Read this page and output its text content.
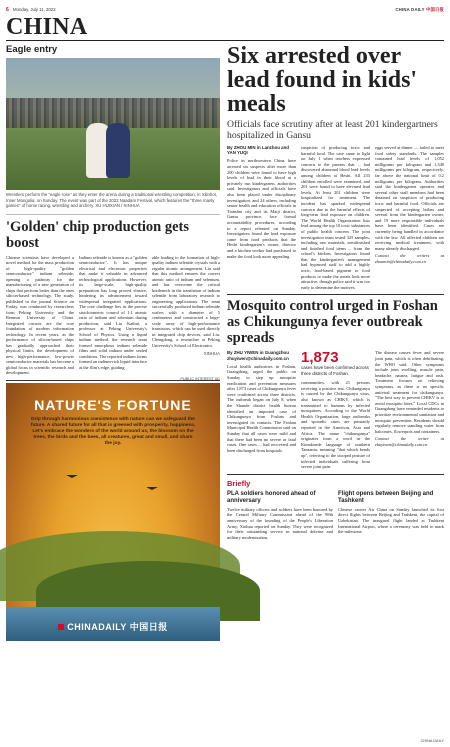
6 Monday, July 11, 2022	CHINA DAILY 中国日报
CHINA
Eagle entry
Wrestlers perform the "eagle rose" as they enter the arena during a traditional wrestling competition, in Xilinhot, Inner Mongolia, on Sunday. The event was part of the 2022 Naadam Festival, which features the "three manly games" of horse racing, wrestling and archery. XU HUIXIAN / XINHUA
'Golden' chip production gets boost
Chinese scientists have developed a novel method for the mass production of high-quality "golden semiconductor" indium selenide, opening a pathway for the manufacturing of a new generation of chips that perform better than the ones silicon-based technology. The study, published in the journal Science on Friday, was conducted by researchers from Peking University and the Renmin University of China. Integrated circuits are the core foundation of modern information technology. In recent years, as the performance of silicon-based chips has gradually approached their physical limits, the development of new high-performance, low-power semiconductor materials has become a global focus in scientific research and development.
Indium selenide is known as a "golden semiconductor". It has unique electrical and electronic properties that make it valuable in advanced technological applications. However, its large-scale, high-quality preparation has long proved elusive, hindering its advancement toward widespread integrated applications. The core challenge lies in the precise stoichiometric control of 1:1 atomic ratio of indium and selenium during production, said Liu Kaihui, a professor at Peking University's School of Physics. Using a liquid indium method, the research team formed amorphous indium selenide films and solid indium under sealed conditions. The reported indium forms formed an indium-rich liquid interface at the film's edge, guiding
able leading to the formation of high-quality indium selenide crystals with a regular atomic arrangement. Liu said that this method ensures the correct atomic ratio of indium and selenium, and has overcome the critical bottleneck in the translation of indium selenide from laboratory research to engineering applications. The team successfully produced indium selenide wafers with a diameter of 5 centimeters and constructed a large-scale array of high-performance transistors, which can be used directly in integrated chip devices, said Liu. Chengdong, a researcher at Peking University's School of Electronics.
XINHUA
PUBLIC INTEREST AD
NATURE'S FORTUNE
Drip through harmonious coexistence with nature can we safeguard the future. A shared future for all that is greened with prosperity, happiness, Let's embrace the wonders of the world around us, the blossom on the trees, the birds and the bees, all creatures, great and small, and share the joy.
CHINADAILY 中国日报
Six arrested over lead found in kids' meals
Officials face scrutiny after at least 201 kindergartners hospitalized in Gansu
By ZHOU MIN in Lanzhou and YAN YUQI
Police in northwestern China have arrested six suspects after more than 200 children were found to have high levels of lead in their blood at a privately run kindergarten, authorities said. Investigators and officials have also been placed under disciplinary investigation, and 24 others, including senior health and education officials in Tianshui city and its Maiji district, Gansu province, face formal accountability procedures, according to a report released on Sunday. Investigators found the lead exposure came from food products that the Heshi kindergarten's owner, director and a kitchen worker had purchased to make the food look more appealing
suspicion of producing toxic and harmful food. The case came to light on July 1 when teachers expressed concern to the parents that ... had discovered abnormal blood lead levels among children at Heshi. All 233 children enrolled were examined, and 201 were found to have elevated lead levels. At least 201 children were hospitalized for treatment. The incident has sparked widespread concern due to the harmful effects of long-term lead exposure on children. The World Health Organization lists lead among the top 10 toxic substances of public health concern. The joint investigation team tested 325 samples, including raw materials, semifinished and finished food items ... from the school's kitchen. Investigators found that the kindergarten's management had bypassed staff to add a highly toxic, lead-based pigment to food products to make the meals look more attractive, though police said it was too early to determine the motives.
eggs served at dinner — failed to meet food safety standards. The samples contained lead levels of 1,052 milligrams per kilogram and 1,340 milligrams per kilogram, respectively, far above the national limit of 0.2 milligrams per kilogram. Authorities said the kindergarten operator and several other staff members had been detained on suspicion of producing toxic and harmful food. Officials are suspected of accepting bribes and several from the kindergarten owner, and 19 more responsible individuals have been identified. Cases are currently being handled in accordance with the law. All affected children are receiving medical treatment, with many already discharged.
Contact the writers at zhoumin@chinadaily.com.cn
Mosquito control urged in Foshan as Chikungunya fever outbreak spreads
By ZHU YIWEN in Guangzhou zhuyiwen@chinadaily.com.cn
Local health authorities in Foshan, Guangdong, urged the public on Sunday to step up mosquito eradication and prevention measures after 1,873 cases of Chikungunya fever were confirmed across three districts. The outbreak began on July 8, when the Shunde district health bureau identified an imported case of Chikungunya from Foshan and investigated its contacts. The Foshan Municipal Health Commission said on Sunday that all cases were mild and that there had been no severe or fatal cases. One cases ... had recovered and been discharged from hospitals.
1,873
cases have been confirmed across three districts of Foshan.
communities, with 21 persons receiving a positive test. Chikungunya is caused by the Chikungunya virus, also known as CHIKV, which is transmitted to humans by infected mosquitoes. According to the World Health Organization, large outbreaks and sporadic cases are primarily reported in the Americas, Asia and Africa. The name "chikungunya" originates from a word in the Kimakonde language of southern Tanzania, meaning "that which bends up", referring to the stooped posture of infected individuals suffering from severe joint pain.
The disease causes fever and severe joint pain, which is often debilitating, the WHO said. Other symptoms include joint swelling, muscle pain, headache, nausea, fatigue and rash. Treatment focuses on relieving symptoms, as there is no specific antiviral treatment for chikungunya. "The best way to prevent CHIKV is to avoid mosquito bites." Local CDCs in Guangdong have reminded residents to prioritize environmental sanitation and mosquito prevention. Residents should regularly remove standing water from balconies, flowerpots and containers.
Contact the writer at zhuyiwen@chinadaily.com.cn
Briefly
PLA soldiers honored ahead of anniversary
Twelve military officers and soldiers have been honored by the Central Military Commission ahead of the 98th anniversary of the founding of the People's Liberation Army, Xinhua reported on Sunday. They were recognized for their outstanding service in national defense and military modernization.
Flight opens between Beijing and Tashkent
Chinese carrier Air China on Sunday launched its first direct flights between Beijing and Tashkent, the capital of Uzbekistan. The inaugural flight landed at Tashkent International Airport, where a ceremony was held to mark the milestone.
CHINA DAILY
